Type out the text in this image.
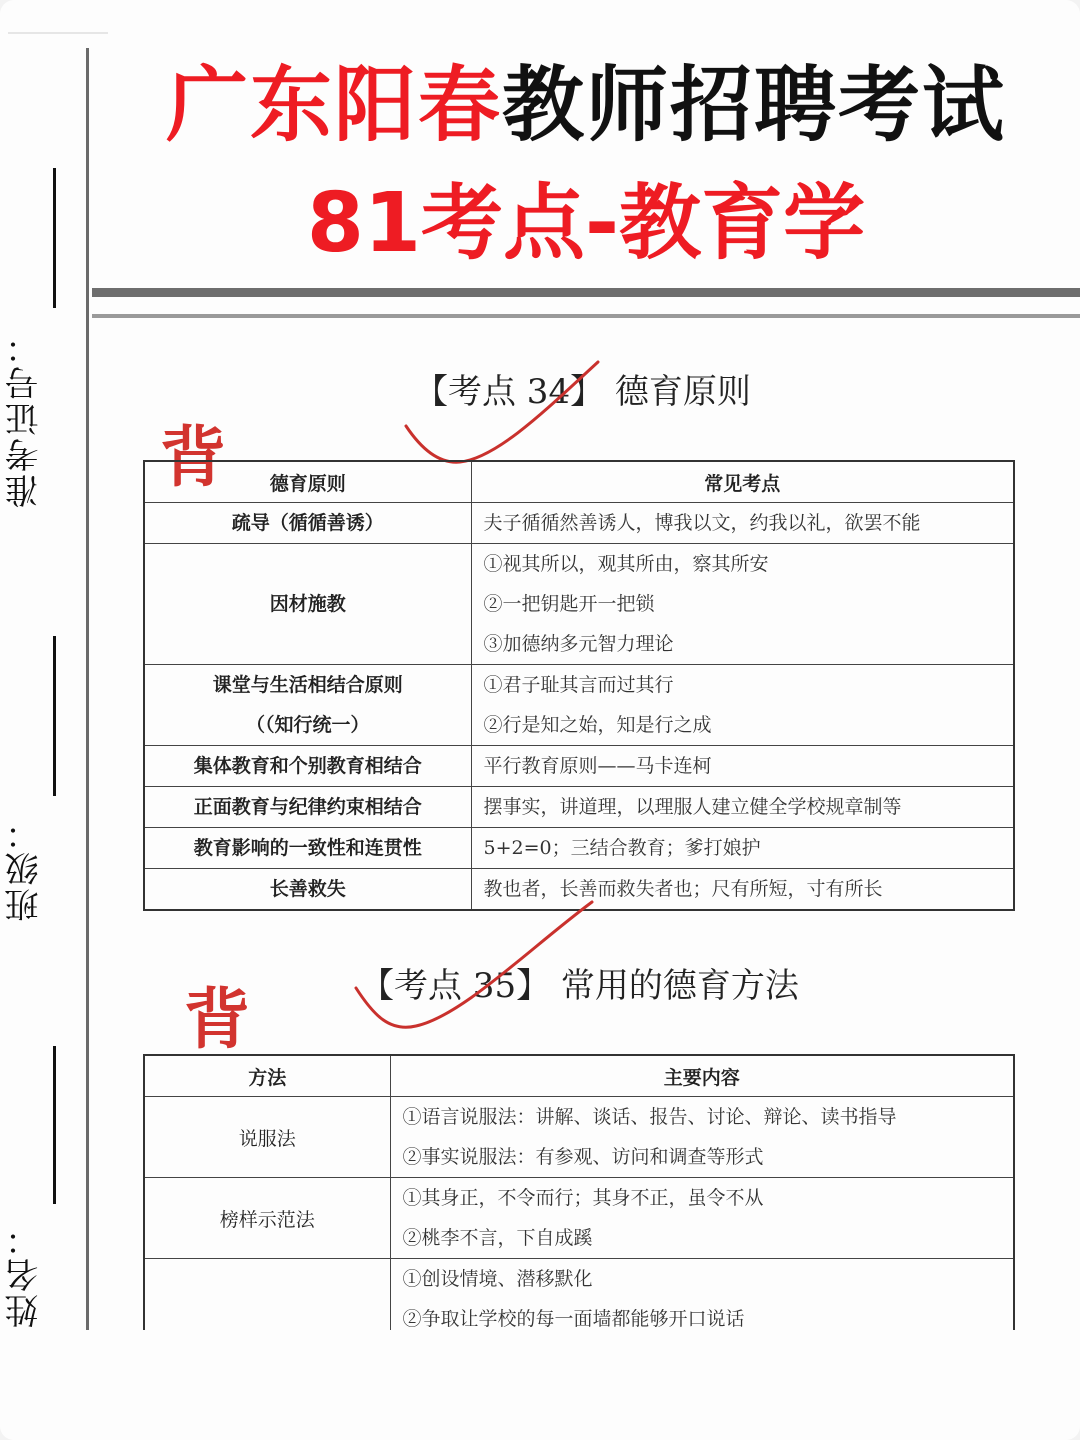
准考证号：
班级：
姓名：
广东阳春教师招聘考试
81考点-教育学
【考点 34】 德育原则
背 德育原则	常见考点

疏导（循循善诱）	夫子循循然善诱人，博我以文，约我以礼，欲罢不能

因材施教	①视其所以，观其所由，察其所安
②一把钥匙开一把锁
③加德纳多元智力理论

课堂与生活相结合原则
（（知行统一）	①君子耻其言而过其行
②行是知之始，知是行之成

集体教育和个别教育相结合	平行教育原则——马卡连柯

正面教育与纪律约束相结合	摆事实，讲道理，以理服人建立健全学校规章制等

教育影响的一致性和连贯性	5+2=0；三结合教育；爹打娘护

长善救失	教也者，长善而救失者也；尺有所短，寸有所长
【考点 35】 常用的德育方法
背
方法	主要内容
说服法	①语言说服法：讲解、谈话、报告、讨论、辩论、读书指导
②事实说服法：有参观、访问和调查等形式

榜样示范法	①其身正，不令而行；其身不正，虽令不从
②桃李不言，下自成蹊

	①创设情境、潜移默化
②争取让学校的每一面墙都能够开口说话
